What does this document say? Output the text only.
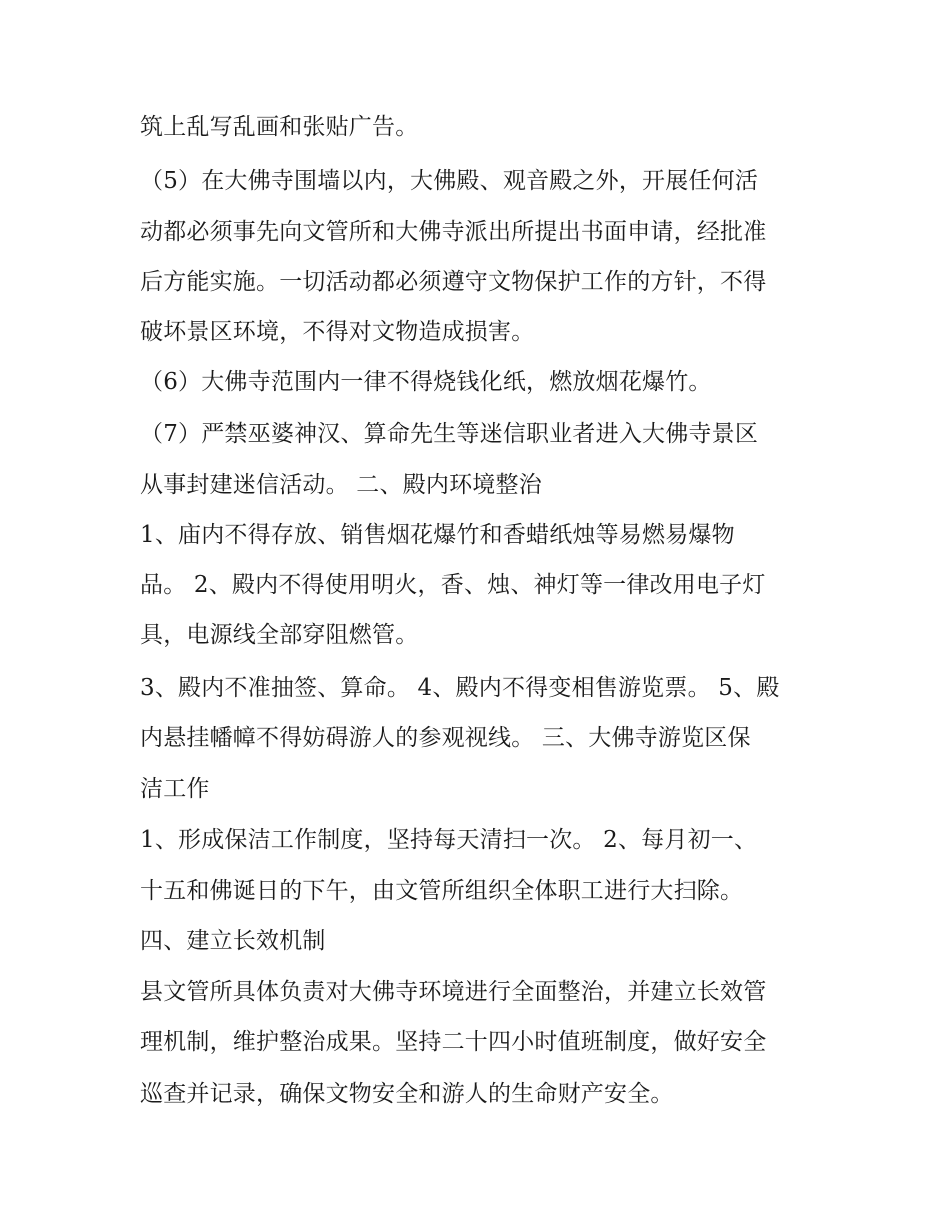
筑上乱写乱画和张贴广告。
（5）在大佛寺围墙以内，大佛殿、观音殿之外，开展任何活
动都必须事先向文管所和大佛寺派出所提出书面申请，经批准
后方能实施。一切活动都必须遵守文物保护工作的方针，不得
破坏景区环境，不得对文物造成损害。
（6）大佛寺范围内一律不得烧钱化纸，燃放烟花爆竹。
（7）严禁巫婆神汉、算命先生等迷信职业者进入大佛寺景区
从事封建迷信活动。 二、殿内环境整治
1、庙内不得存放、销售烟花爆竹和香蜡纸烛等易燃易爆物
品。 2、殿内不得使用明火，香、烛、神灯等一律改用电子灯
具，电源线全部穿阻燃管。
3、殿内不准抽签、算命。 4、殿内不得变相售游览票。 5、殿
内悬挂幡幛不得妨碍游人的参观视线。 三、大佛寺游览区保
洁工作
1、形成保洁工作制度，坚持每天清扫一次。 2、每月初一、
十五和佛诞日的下午，由文管所组织全体职工进行大扫除。
四、建立长效机制
县文管所具体负责对大佛寺环境进行全面整治，并建立长效管
理机制，维护整治成果。坚持二十四小时值班制度，做好安全
巡查并记录，确保文物安全和游人的生命财产安全。
